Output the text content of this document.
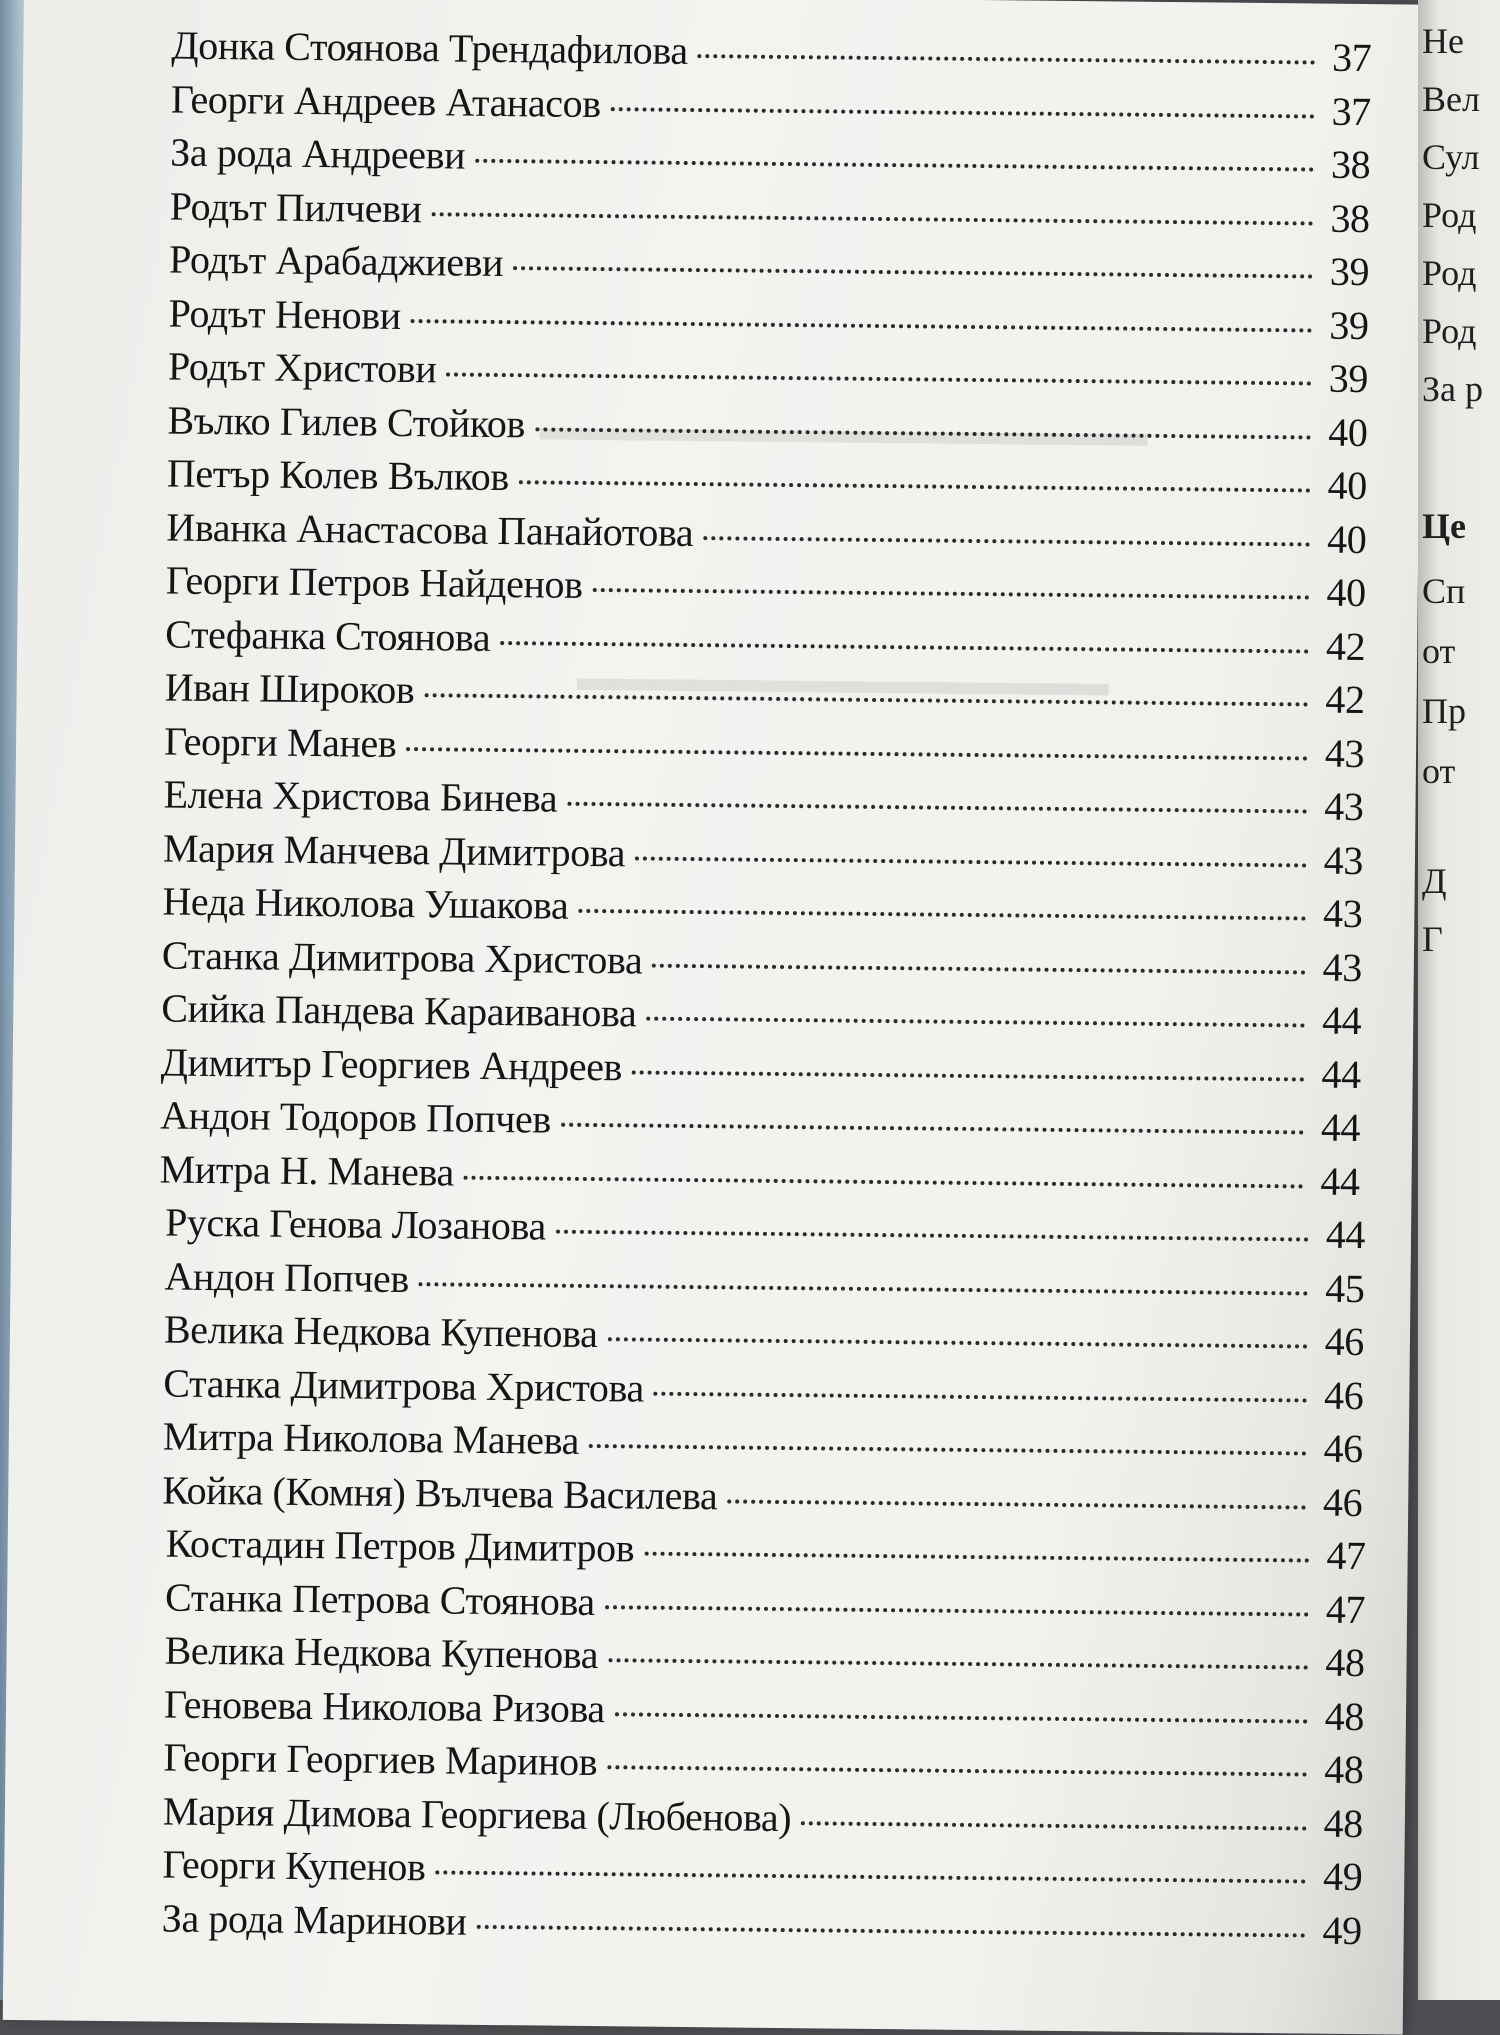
▬▬▬▬▬▬▬▬▬▬▬▬▬▬▬▬
▬▬▬▬▬▬▬▬▬▬▬▬▬▬
Донка Стоянова Трендафилова	37
Георги Андреев Атанасов	37
За рода Андрееви	38
Родът Пилчеви	38
Родът Арабаджиеви	39
Родът Ненови	39
Родът Христови	39
Вълко Гилев Стойков	40
Петър Колев Вълков	40
Иванка Анастасова Панайотова	40
Георги Петров Найденов	40
Стефанка Стоянова	42
Иван Широков	42
Георги Манев	43
Елена Христова Бинева	43
Мария Манчева Димитрова	43
Неда Николова Ушакова	43
Станка Димитрова Христова	43
Сийка Пандева Караиванова	44
Димитър Георгиев Андреев	44
Андон Тодоров Попчев	44
Митра Н. Манева	44
Руска Генова Лозанова	44
Андон Попчев	45
Велика Недкова Купенова	46
Станка Димитрова Христова	46
Митра Николова Манева	46
Койка (Комня) Вълчева Василева	46
Костадин Петров Димитров	47
Станка Петрова Стоянова	47
Велика Недкова Купенова	48
Геновева Николова Ризова	48
Георги Георгиев Маринов	48
Мария Димова Георгиева (Любенова)	48
Георги Купенов	49
За рода Маринови	49
Не
Вел
Сул
Род
Род
Род
За р
Це
Сп
от
Пр
от
Д
Г
